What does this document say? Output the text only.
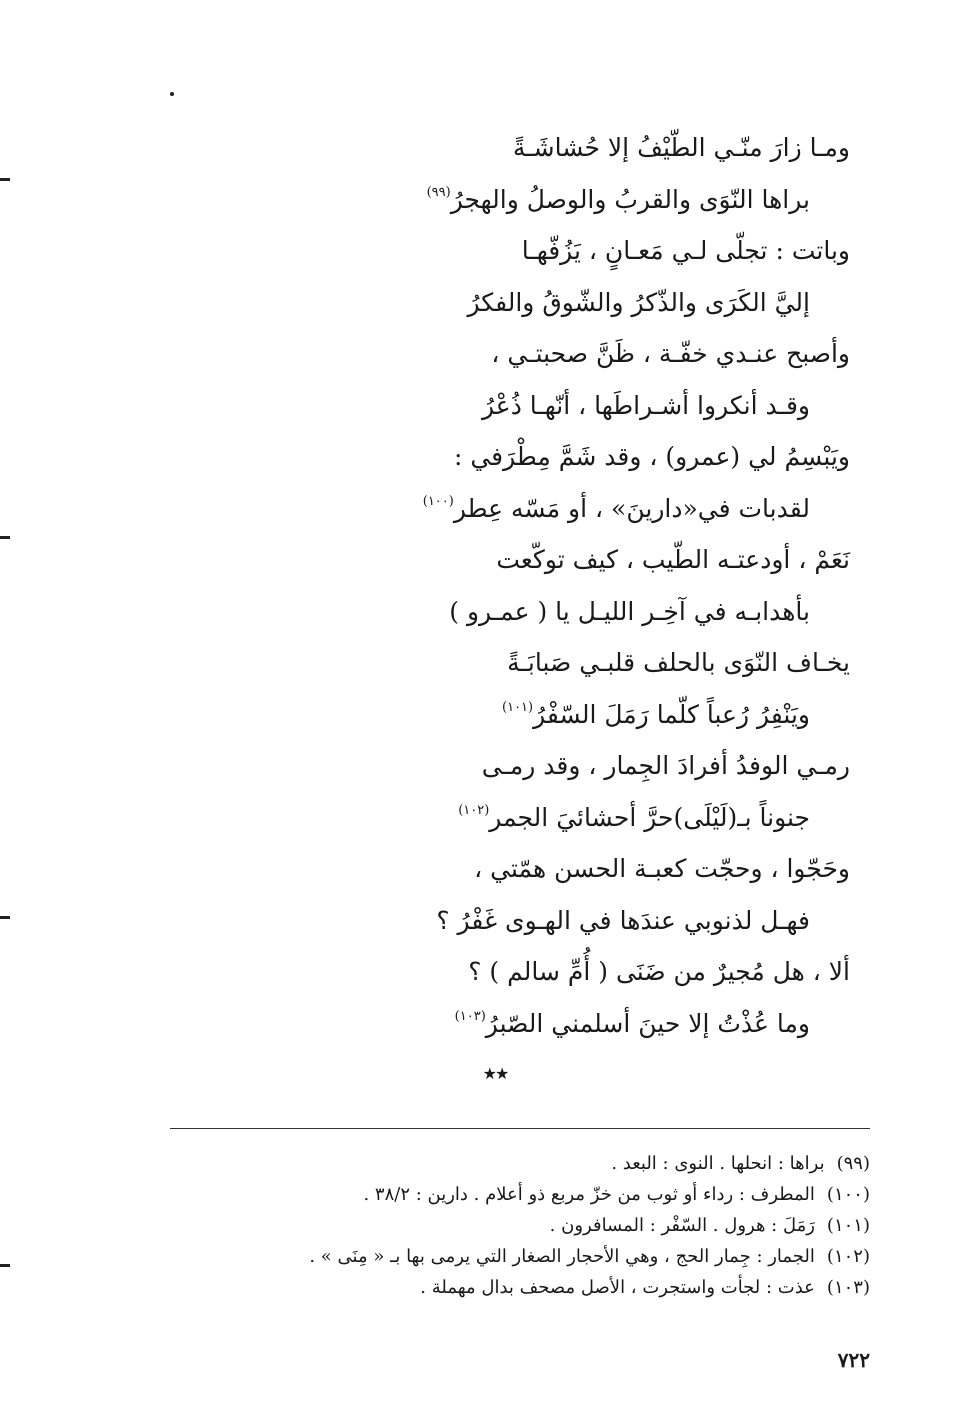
ومـا زارَ منّـي الطّيْفُ إلا حُشاشَـةً
براها النّوَى والقربُ والوصلُ والهجرُ$^{(٩٩)}$
وباتت : تجلّى لـي مَعـانٍ ، يَزُفّهـا
إليَّ الكَرَى والذّكرُ والشّوقُ والفكرُ
وأصبح عنـدي خفّـة ، ظَنَّ صحبتـي ،
وقـد أنكروا أشـراطَها ، أنّهـا ذُعْرُ
ويَبْسِمُ لي (عمرو) ، وقد شَمَّ مِطْرَفي :
لقدبات في«دارينَ» ، أو مَسّه عِطر$^{(١٠٠)}$
نَعَمْ ، أودعتـه الطّيب ، كيف توكّعت
بأهدابـه في آخِـر الليـل يا ( عمـرو )
يخـاف النّوَى بالحلف قلبـي صَبابَـةً
ويَنْفِرُ رُعباً كلّما رَمَلَ السّفْرُ$^{(١٠١)}$
رمـي الوفدُ أفرادَ الجِمار ، وقد رمـى
جنوناً بـ(لَيْلَى)حرَّ أحشائيَ الجمر$^{(١٠٢)}$
وحَجّوا ، وحجّت كعبـة الحسن همّتي ،
فهـل لذنوبي عندَها في الهـوى غَفْرُ ؟
ألا ، هل مُجيرٌ من ضَنَى ( أُمِّ سالم ) ؟
وما عُذْتُ إلا حينَ أسلمني الصّبرُ$^{(١٠٣)}$
★★
(٩٩)براها : انحلها . النوى : البعد .
(١٠٠)المطرف : رداء أو ثوب من خزّ مربع ذو أعلام . دارين : ٣٨/٢ .
(١٠١)رَمَلَ : هرول . السّفْر : المسافرون .
(١٠٢)الجمار : جِمار الحج ، وهي الأحجار الصغار التي يرمى بها بـ « مِنَى » .
(١٠٣)عذت : لجأت واستجرت ، الأصل مصحف بدال مهملة .
٧٢٢
